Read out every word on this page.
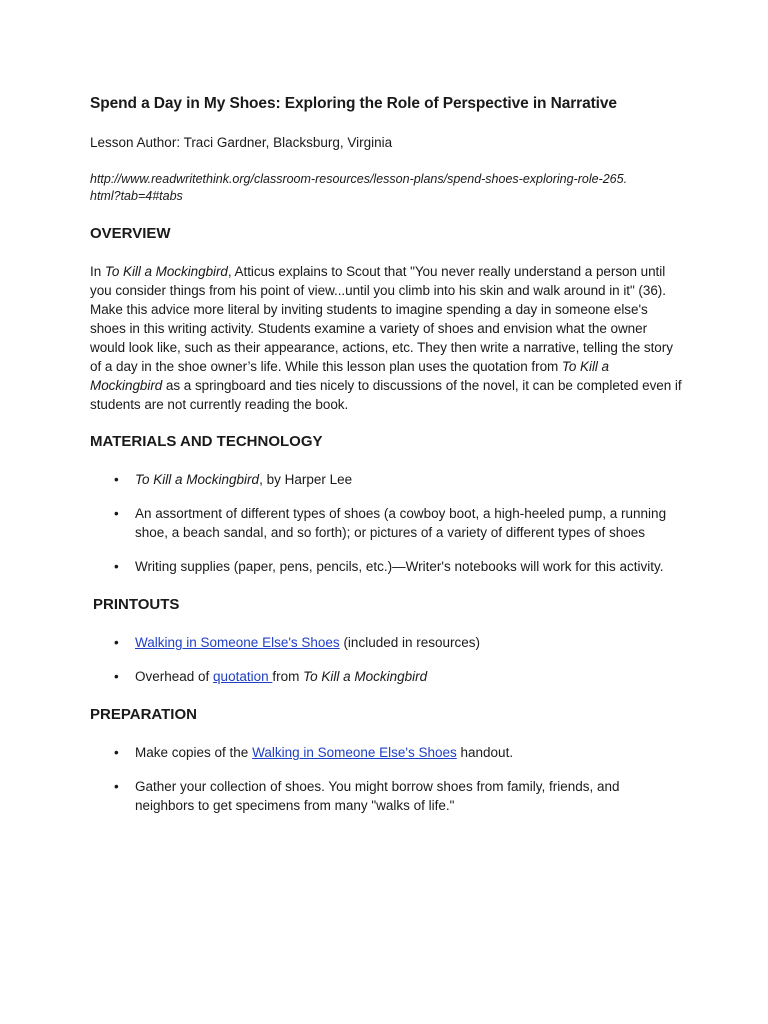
Spend a Day in My Shoes: Exploring the Role of Perspective in Narrative
Lesson Author: Traci Gardner, Blacksburg, Virginia
http://www.readwritethink.org/classroom-resources/lesson-plans/spend-shoes-exploring-role-265.html?tab=4#tabs
OVERVIEW

In To Kill a Mockingbird, Atticus explains to Scout that "You never really understand a person until you consider things from his point of view...until you climb into his skin and walk around in it" (36). Make this advice more literal by inviting students to imagine spending a day in someone else's shoes in this writing activity. Students examine a variety of shoes and envision what the owner would look like, such as their appearance, actions, etc. They then write a narrative, telling the story of a day in the shoe owner’s life. While this lesson plan uses the quotation from To Kill a Mockingbird as a springboard and ties nicely to discussions of the novel, it can be completed even if students are not currently reading the book.

MATERIALS AND TECHNOLOGY
• To Kill a Mockingbird, by Harper Lee
• An assortment of different types of shoes (a cowboy boot, a high-heeled pump, a running shoe, a beach sandal, and so forth); or pictures of a variety of different types of shoes
• Writing supplies (paper, pens, pencils, etc.)—Writer's notebooks will work for this activity.
PRINTOUTS
• Walking in Someone Else's Shoes (included in resources)
• Overhead of quotation from To Kill a Mockingbird
PREPARATION
• Make copies of the Walking in Someone Else's Shoes handout.
• Gather your collection of shoes. You might borrow shoes from family, friends, and neighbors to get specimens from many "walks of life."
